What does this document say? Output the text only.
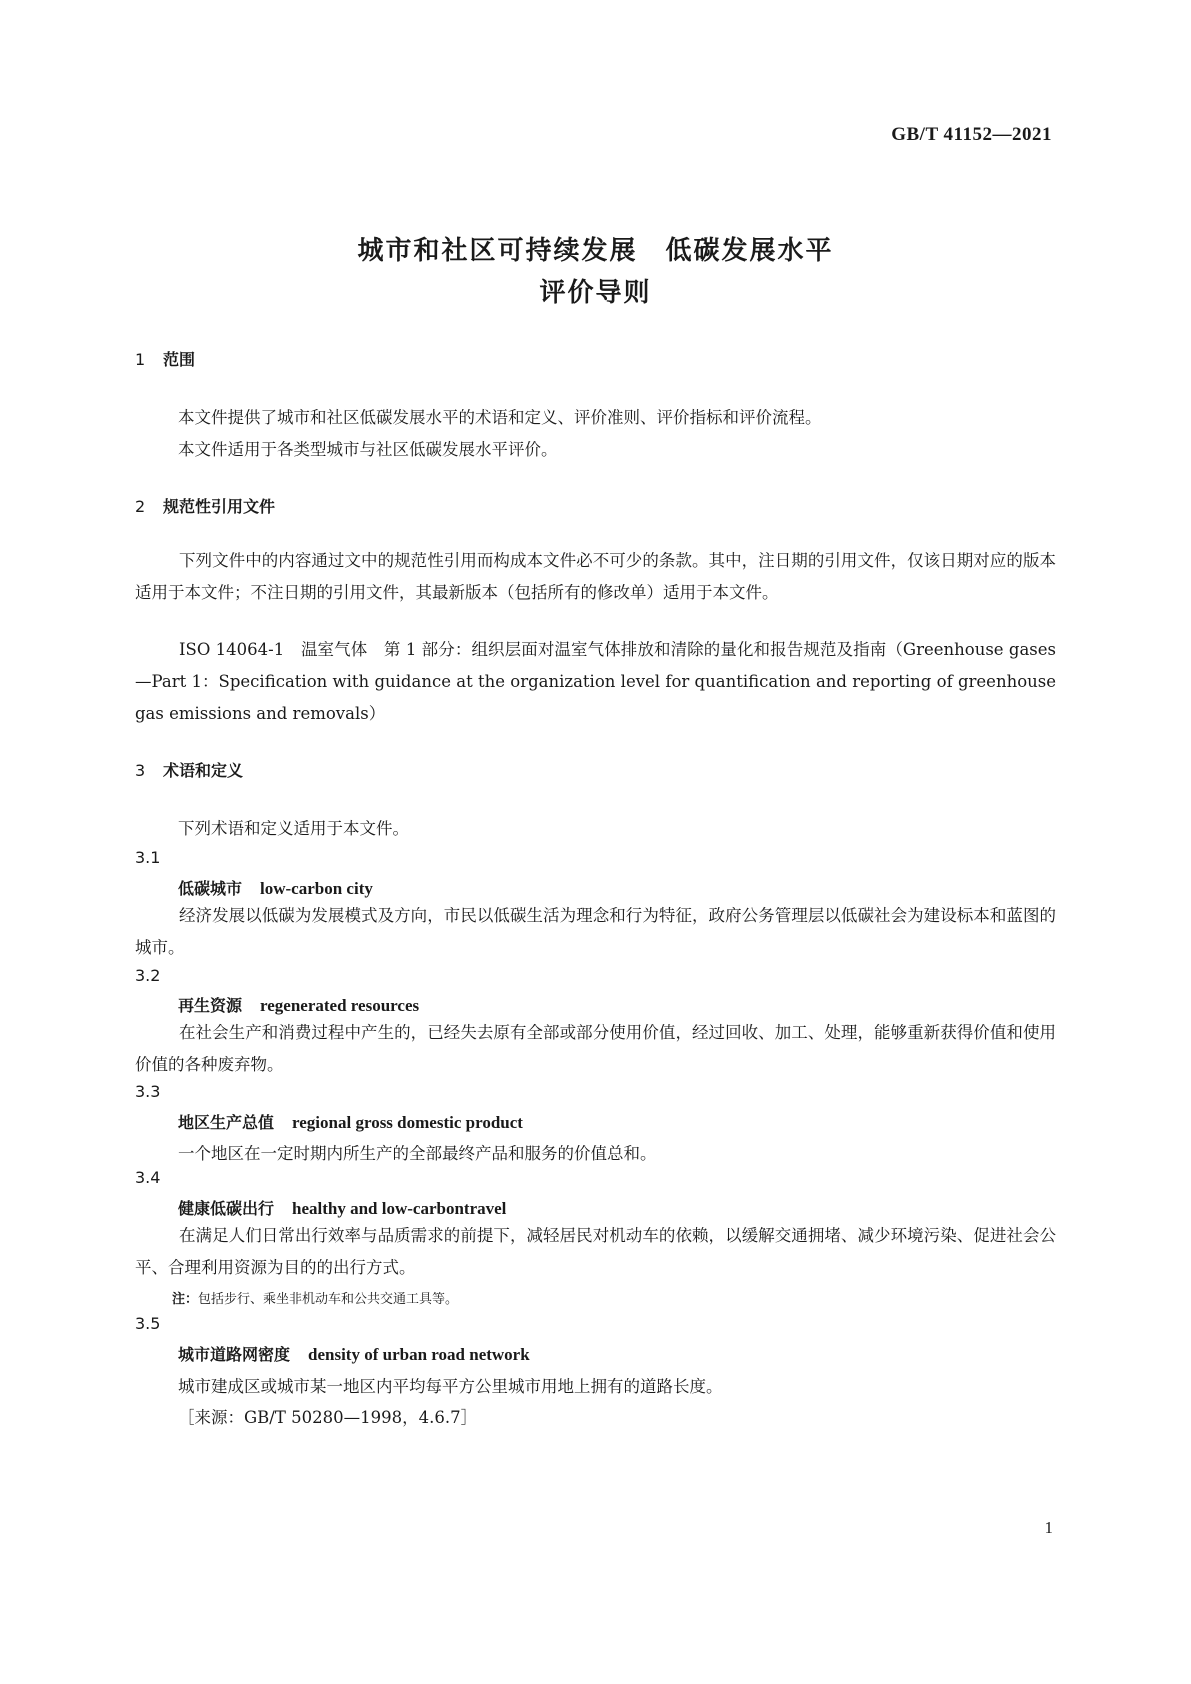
GB/T 41152—2021
城市和社区可持续发展　低碳发展水平
评价导则
1 范围
本文件提供了城市和社区低碳发展水平的术语和定义、评价准则、评价指标和评价流程。
本文件适用于各类型城市与社区低碳发展水平评价。
2 规范性引用文件
下列文件中的内容通过文中的规范性引用而构成本文件必不可少的条款。其中，注日期的引用文件，仅该日期对应的版本适用于本文件；不注日期的引用文件，其最新版本（包括所有的修改单）适用于本文件。
ISO 14064-1　温室气体　第 1 部分：组织层面对温室气体排放和清除的量化和报告规范及指南（Greenhouse gases—Part 1：Specification with guidance at the organization level for quantification and reporting of greenhouse gas emissions and removals）
3 术语和定义
下列术语和定义适用于本文件。
3.1
低碳城市 low-carbon city
经济发展以低碳为发展模式及方向，市民以低碳生活为理念和行为特征，政府公务管理层以低碳社会为建设标本和蓝图的城市。
3.2
再生资源 regenerated resources
在社会生产和消费过程中产生的，已经失去原有全部或部分使用价值，经过回收、加工、处理，能够重新获得价值和使用价值的各种废弃物。
3.3
地区生产总值 regional gross domestic product
一个地区在一定时期内所生产的全部最终产品和服务的价值总和。
3.4
健康低碳出行 healthy and low-carbontravel
在满足人们日常出行效率与品质需求的前提下，减轻居民对机动车的依赖，以缓解交通拥堵、减少环境污染、促进社会公平、合理利用资源为目的的出行方式。
注：包括步行、乘坐非机动车和公共交通工具等。
3.5
城市道路网密度 density of urban road network
城市建成区或城市某一地区内平均每平方公里城市用地上拥有的道路长度。
［来源：GB/T 50280—1998，4.6.7］
1
